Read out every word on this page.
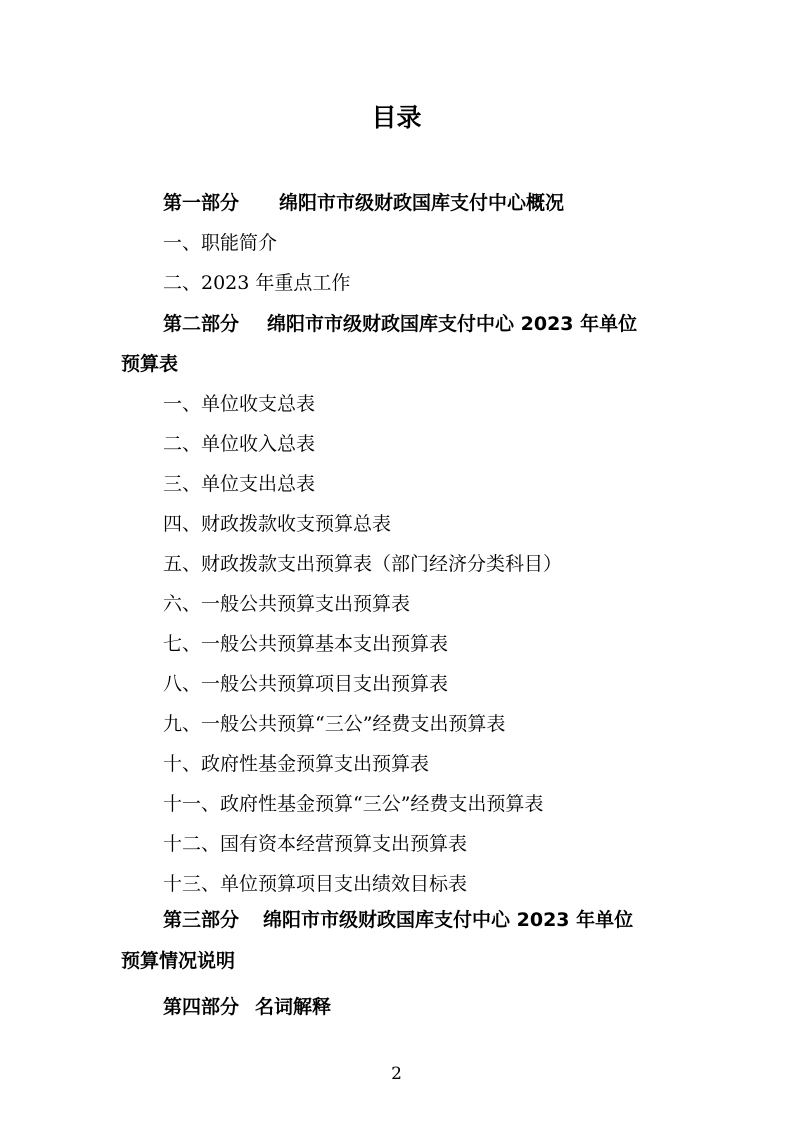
目录
第一部分 绵阳市市级财政国库支付中心概况
一、职能简介
二、2023 年重点工作
第二部分 绵阳市市级财政国库支付中心 2023 年单位
预算表
一、单位收支总表
二、单位收入总表
三、单位支出总表
四、财政拨款收支预算总表
五、财政拨款支出预算表（部门经济分类科目）
六、一般公共预算支出预算表
七、一般公共预算基本支出预算表
八、一般公共预算项目支出预算表
九、一般公共预算“三公”经费支出预算表
十、政府性基金预算支出预算表
十一、政府性基金预算“三公”经费支出预算表
十二、国有资本经营预算支出预算表
十三、单位预算项目支出绩效目标表
第三部分 绵阳市市级财政国库支付中心 2023 年单位
预算情况说明
第四部分 名词解释
2
